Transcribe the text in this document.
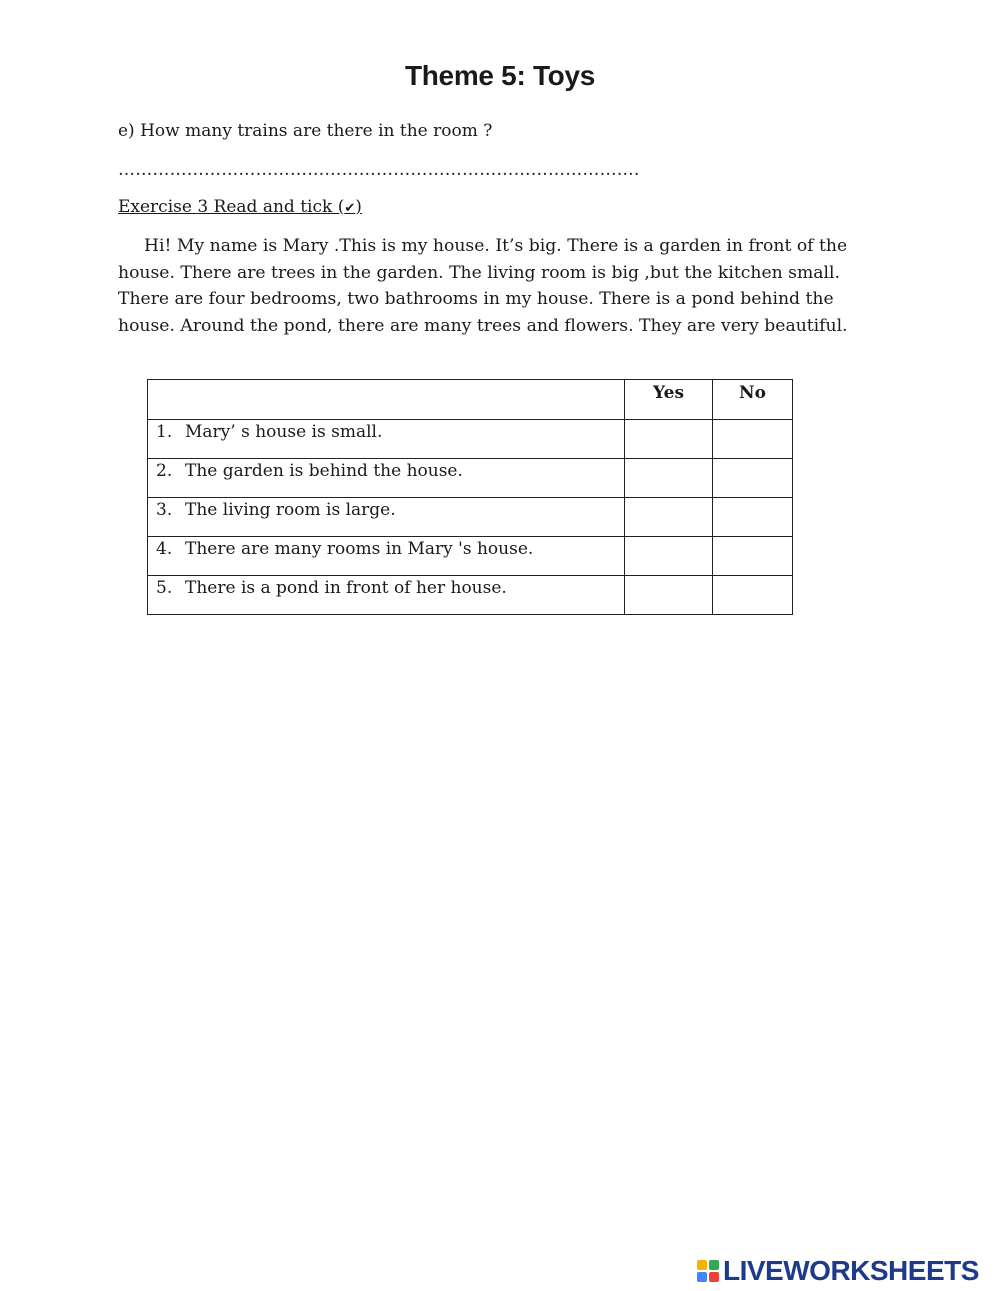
Theme 5: Toys
e) How many trains are there in the room ?
……………………………………………………………………………….
Exercise 3 Read and tick (✔)

Hi! My name is Mary .This is my house. It’s big. There is a garden in front of the house. There are trees in the garden. The living room is big ,but the kitchen small. There are four bedrooms, two bathrooms in my house. There is a pond behind the house. Around the pond, there are many trees and flowers. They are very beautiful.

	Yes	No
1. Mary’ s house is small.		
2. The garden is behind the house.		
3. The living room is large.		
4. There are many rooms in Mary 's house.		
5. There is a pond in front of her house.		
LIVEWORKSHEETS
